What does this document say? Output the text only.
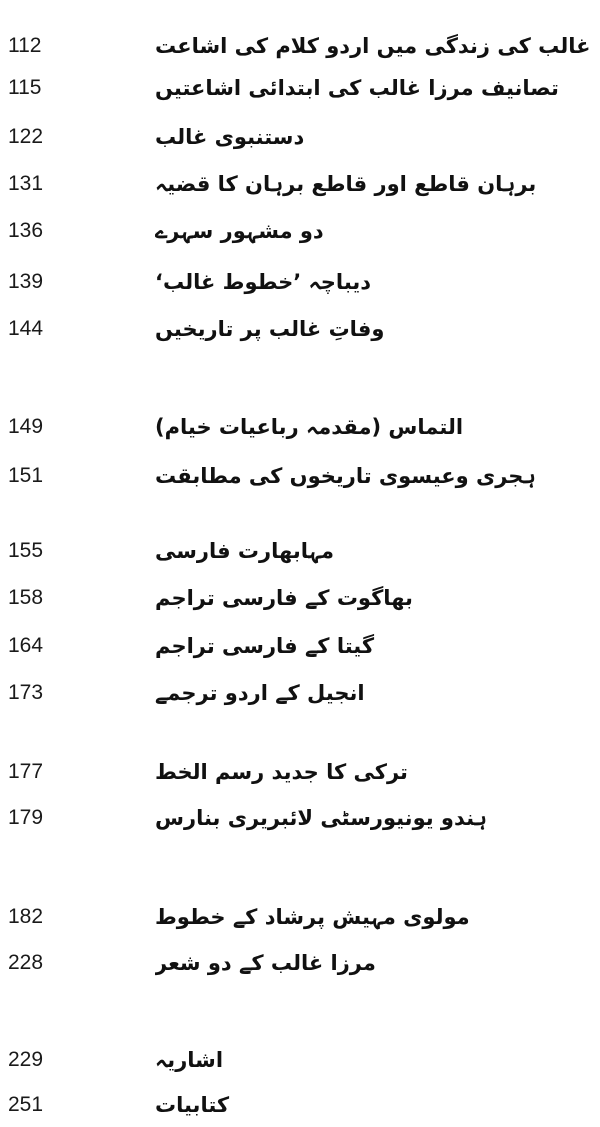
112	غالب کی زندگی میں اردو کلام کی اشاعت
115	تصانیف مرزا غالب کی ابتدائی اشاعتیں
122	دستنبوی غالب
131	برہان قاطع اور قاطع برہان کا قضیہ
136	دو مشہور سہرے
139	دیباچہ ’خطوط غالب‘
144	وفاتِ غالب پر تاریخیں
149	التماس (مقدمہ رباعیات خیام)
151	ہجری وعیسوی تاریخوں کی مطابقت
155	مہابھارت فارسی
158	بھاگوت کے فارسی تراجم
164	گیتا کے فارسی تراجم
173	انجیل کے اردو ترجمے
177	ترکی کا جدید رسم الخط
179	ہندو یونیورسٹی لائبریری بنارس
182	مولوی مہیش پرشاد کے خطوط
228	مرزا غالب کے دو شعر
229	اشاریہ
251	کتابیات
